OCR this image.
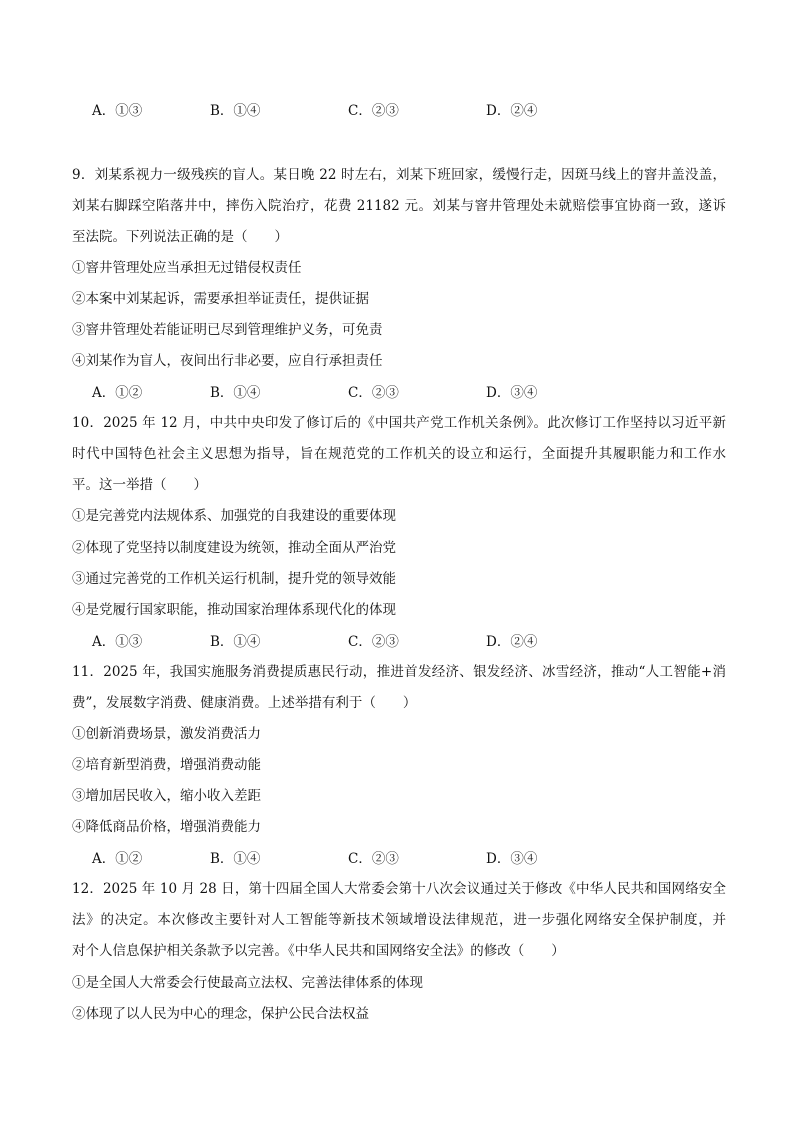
A．①③	B．①④	C．②③	D．②④
9．刘某系视力一级残疾的盲人。某日晚 22 时左右，刘某下班回家，缓慢行走，因斑马线上的窨井盖没盖，
刘某右脚踩空陷落井中，摔伤入院治疗，花费 21182 元。刘某与窨井管理处未就赔偿事宜协商一致，遂诉
至法院。下列说法正确的是（　　）
①窨井管理处应当承担无过错侵权责任
②本案中刘某起诉，需要承担举证责任，提供证据
③窨井管理处若能证明已尽到管理维护义务，可免责
④刘某作为盲人，夜间出行非必要，应自行承担责任
A．①②	B．①④	C．②③	D．③④
10．2025 年 12 月，中共中央印发了修订后的《中国共产党工作机关条例》。此次修订工作坚持以习近平新
时代中国特色社会主义思想为指导，旨在规范党的工作机关的设立和运行，全面提升其履职能力和工作水
平。这一举措（　　）
①是完善党内法规体系、加强党的自我建设的重要体现
②体现了党坚持以制度建设为统领，推动全面从严治党
③通过完善党的工作机关运行机制，提升党的领导效能
④是党履行国家职能，推动国家治理体系现代化的体现
A．①③	B．①④	C．②③	D．②④
11．2025 年，我国实施服务消费提质惠民行动，推进首发经济、银发经济、冰雪经济，推动“人工智能+消
费”，发展数字消费、健康消费。上述举措有利于（　　）
①创新消费场景，激发消费活力
②培育新型消费，增强消费动能
③增加居民收入，缩小收入差距
④降低商品价格，增强消费能力
A．①②	B．①④	C．②③	D．③④
12．2025 年 10 月 28 日，第十四届全国人大常委会第十八次会议通过关于修改《中华人民共和国网络安全
法》的决定。本次修改主要针对人工智能等新技术领域增设法律规范，进一步强化网络安全保护制度，并
对个人信息保护相关条款予以完善。《中华人民共和国网络安全法》的修改（　　）
①是全国人大常委会行使最高立法权、完善法律体系的体现
②体现了以人民为中心的理念，保护公民合法权益
